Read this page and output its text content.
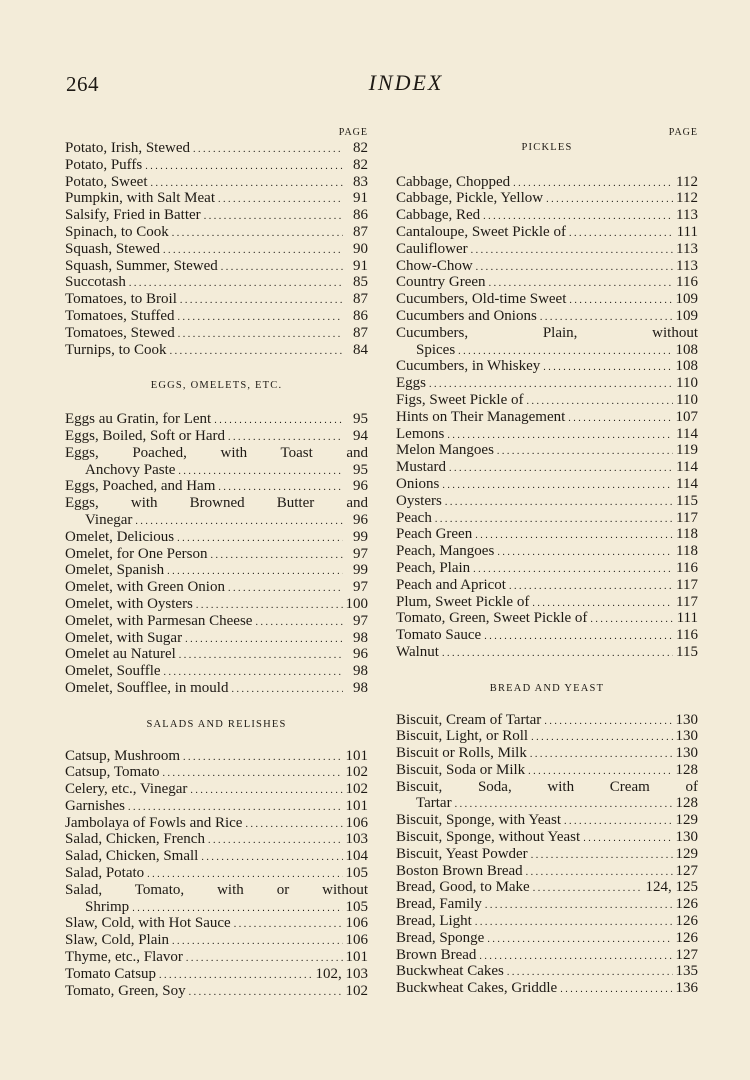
264	INDEX
PAGE
Potato, Irish, Stewed . . .	82
Potato, Puffs . . .	82
Potato, Sweet . . .	83
Pumpkin, with Salt Meat . . .	91
Salsify, Fried in Batter . . .	86
Spinach, to Cook . . .	87
Squash, Stewed . . .	90
Squash, Summer, Stewed . . .	91
Succotash . . .	85
Tomatoes, to Broil . . .	87
Tomatoes, Stuffed . . .	86
Tomatoes, Stewed . . .	87
Turnips, to Cook . . .	84
EGGS, OMELETS, ETC.
Eggs au Gratin, for Lent . . .	95
Eggs, Boiled, Soft or Hard . . .	94
Eggs, Poached, with Toast and
Anchovy Paste . . .	95
Eggs, Poached, and Ham . . .	96
Eggs, with Browned Butter and
Vinegar . . .	96
Omelet, Delicious . . .	99
Omelet, for One Person . . .	97
Omelet, Spanish . . .	99
Omelet, with Green Onion . . .	97
Omelet, with Oysters . . .	100
Omelet, with Parmesan Cheese . . .	97
Omelet, with Sugar . . .	98
Omelet au Naturel . . .	96
Omelet, Souffle . . .	98
Omelet, Soufflee, in mould . . .	98
SALADS AND RELISHES
Catsup, Mushroom . . .	101
Catsup, Tomato . . .	102
Celery, etc., Vinegar . . .	102
Garnishes . . .	101
Jambolaya of Fowls and Rice . . .	106
Salad, Chicken, French . . .	103
Salad, Chicken, Small . . .	104
Salad, Potato . . .	105
Salad, Tomato, with or without
Shrimp . . .	105
Slaw, Cold, with Hot Sauce . . .	106
Slaw, Cold, Plain . . .	106
Thyme, etc., Flavor . . .	101
Tomato Catsup . . .	102, 103
Tomato, Green, Soy . . .	102
PAGE
PICKLES
Cabbage, Chopped . . .	112
Cabbage, Pickle, Yellow . . .	112
Cabbage, Red . . .	113
Cantaloupe, Sweet Pickle of . . .	111
Cauliflower . . .	113
Chow-Chow . . .	113
Country Green . . .	116
Cucumbers, Old-time Sweet . . .	109
Cucumbers and Onions . . .	109
Cucumbers, Plain, without
Spices . . .	108
Cucumbers, in Whiskey . . .	108
Eggs . . .	110
Figs, Sweet Pickle of . . .	110
Hints on Their Management . . .	107
Lemons . . .	114
Melon Mangoes . . .	119
Mustard . . .	114
Onions . . .	114
Oysters . . .	115
Peach . . .	117
Peach Green . . .	118
Peach, Mangoes . . .	118
Peach, Plain . . .	116
Peach and Apricot . . .	117
Plum, Sweet Pickle of . . .	117
Tomato, Green, Sweet Pickle of . . .	111
Tomato Sauce . . .	116
Walnut . . .	115
BREAD AND YEAST
Biscuit, Cream of Tartar . . .	130
Biscuit, Light, or Roll . . .	130
Biscuit or Rolls, Milk . . .	130
Biscuit, Soda or Milk . . .	128
Biscuit, Soda, with Cream of
Tartar . . .	128
Biscuit, Sponge, with Yeast . . .	129
Biscuit, Sponge, without Yeast . . .	130
Biscuit, Yeast Powder . . .	129
Boston Brown Bread . . .	127
Bread, Good, to Make . . .	124, 125
Bread, Family . . .	126
Bread, Light . . .	126
Bread, Sponge . . .	126
Brown Bread . . .	127
Buckwheat Cakes . . .	135
Buckwheat Cakes, Griddle . . .	136
